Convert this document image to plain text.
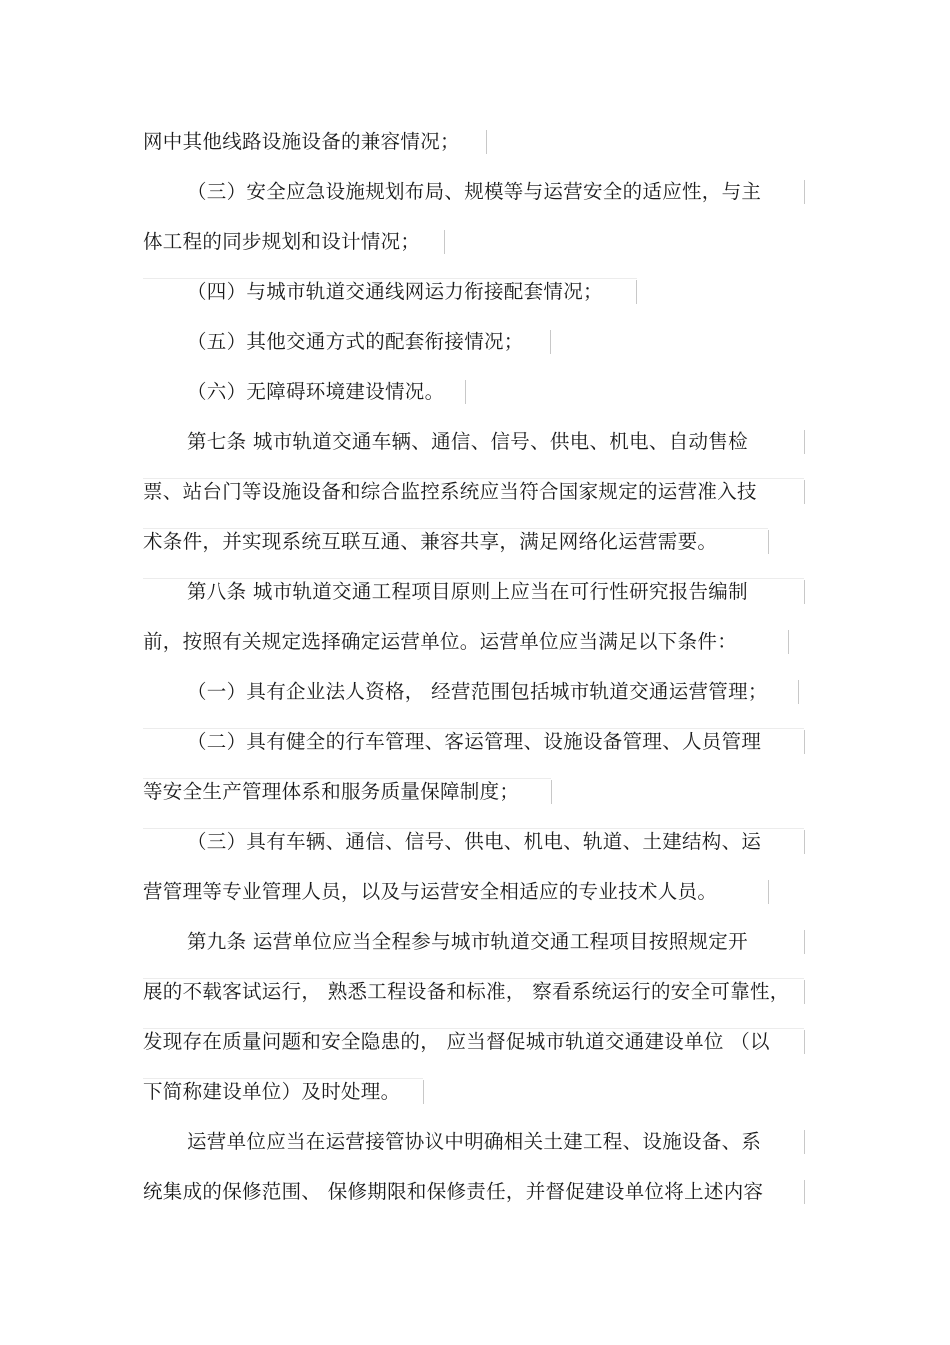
网中其他线路设施设备的兼容情况；
（三）安全应急设施规划布局、规模等与运营安全的适应性，与主
体工程的同步规划和设计情况；
（四）与城市轨道交通线网运力衔接配套情况；
（五）其他交通方式的配套衔接情况；
（六）无障碍环境建设情况。
第七条 城市轨道交通车辆、通信、信号、供电、机电、自动售检
票、站台门等设施设备和综合监控系统应当符合国家规定的运营准入技
术条件，并实现系统互联互通、兼容共享，满足网络化运营需要。
第八条 城市轨道交通工程项目原则上应当在可行性研究报告编制
前，按照有关规定选择确定运营单位。运营单位应当满足以下条件：
（一）具有企业法人资格， 经营范围包括城市轨道交通运营管理；
（二）具有健全的行车管理、客运管理、设施设备管理、人员管理
等安全生产管理体系和服务质量保障制度；
（三）具有车辆、通信、信号、供电、机电、轨道、土建结构、运
营管理等专业管理人员，以及与运营安全相适应的专业技术人员。
第九条 运营单位应当全程参与城市轨道交通工程项目按照规定开
展的不载客试运行， 熟悉工程设备和标准， 察看系统运行的安全可靠性，
发现存在质量问题和安全隐患的， 应当督促城市轨道交通建设单位 （以
下简称建设单位）及时处理。
运营单位应当在运营接管协议中明确相关土建工程、设施设备、系
统集成的保修范围、 保修期限和保修责任，并督促建设单位将上述内容
